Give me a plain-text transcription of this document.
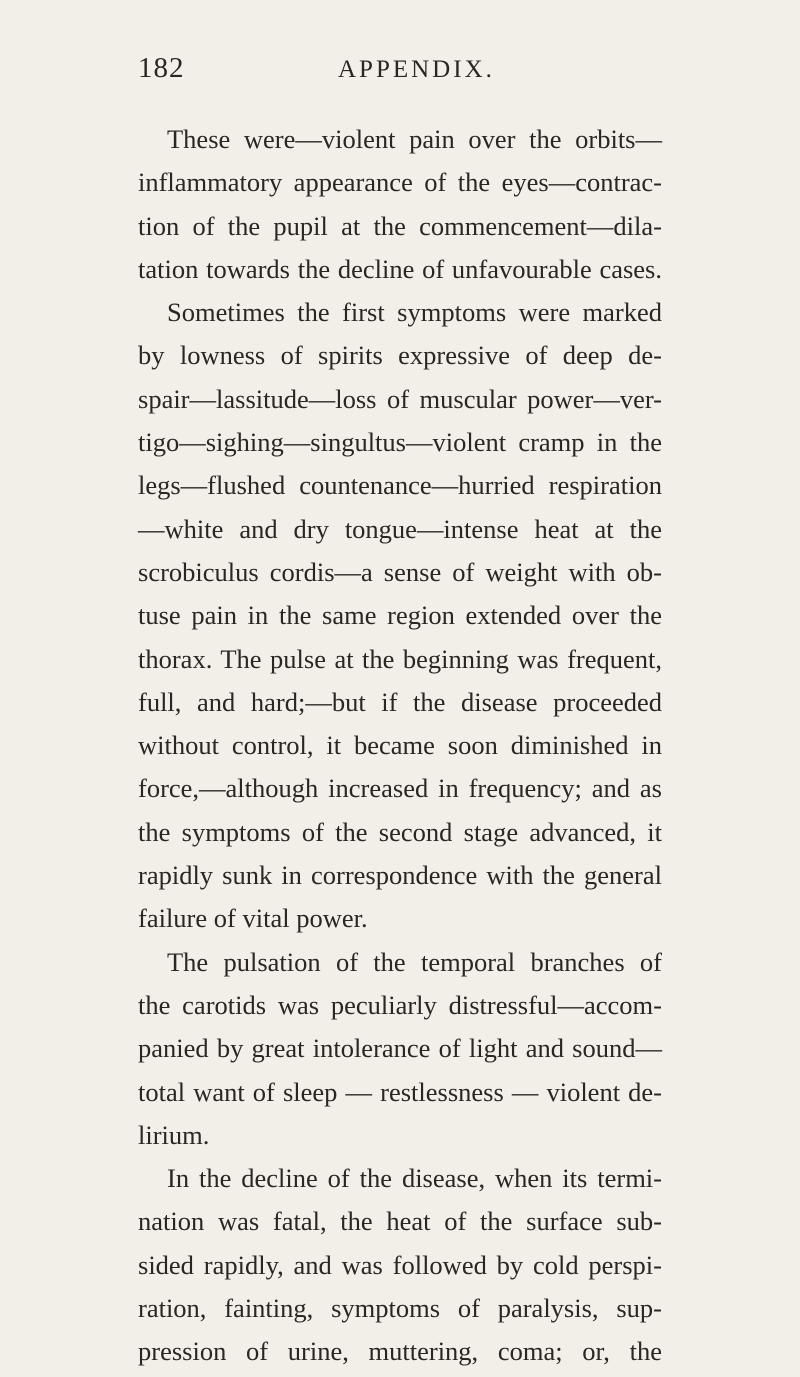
182	APPENDIX.
These were—violent pain over the orbits—
inflammatory appearance of the eyes—contrac-
tion of the pupil at the commencement—dila-
tation towards the decline of unfavourable cases.
Sometimes the first symptoms were marked
by lowness of spirits expressive of deep de-
spair—lassitude—loss of muscular power—ver-
tigo—sighing—singultus—violent cramp in the
legs—flushed countenance—hurried respiration
—white and dry tongue—intense heat at the
scrobiculus cordis—a sense of weight with ob-
tuse pain in the same region extended over the
thorax. The pulse at the beginning was frequent,
full, and hard;—but if the disease proceeded
without control, it became soon diminished in
force,—although increased in frequency; and as
the symptoms of the second stage advanced, it
rapidly sunk in correspondence with the general
failure of vital power.
The pulsation of the temporal branches of
the carotids was peculiarly distressful—accom-
panied by great intolerance of light and sound—
total want of sleep — restlessness — violent de-
lirium.
In the decline of the disease, when its termi-
nation was fatal, the heat of the surface sub-
sided rapidly, and was followed by cold perspi-
ration, fainting, symptoms of paralysis, sup-
pression of urine, muttering, coma; or, the
